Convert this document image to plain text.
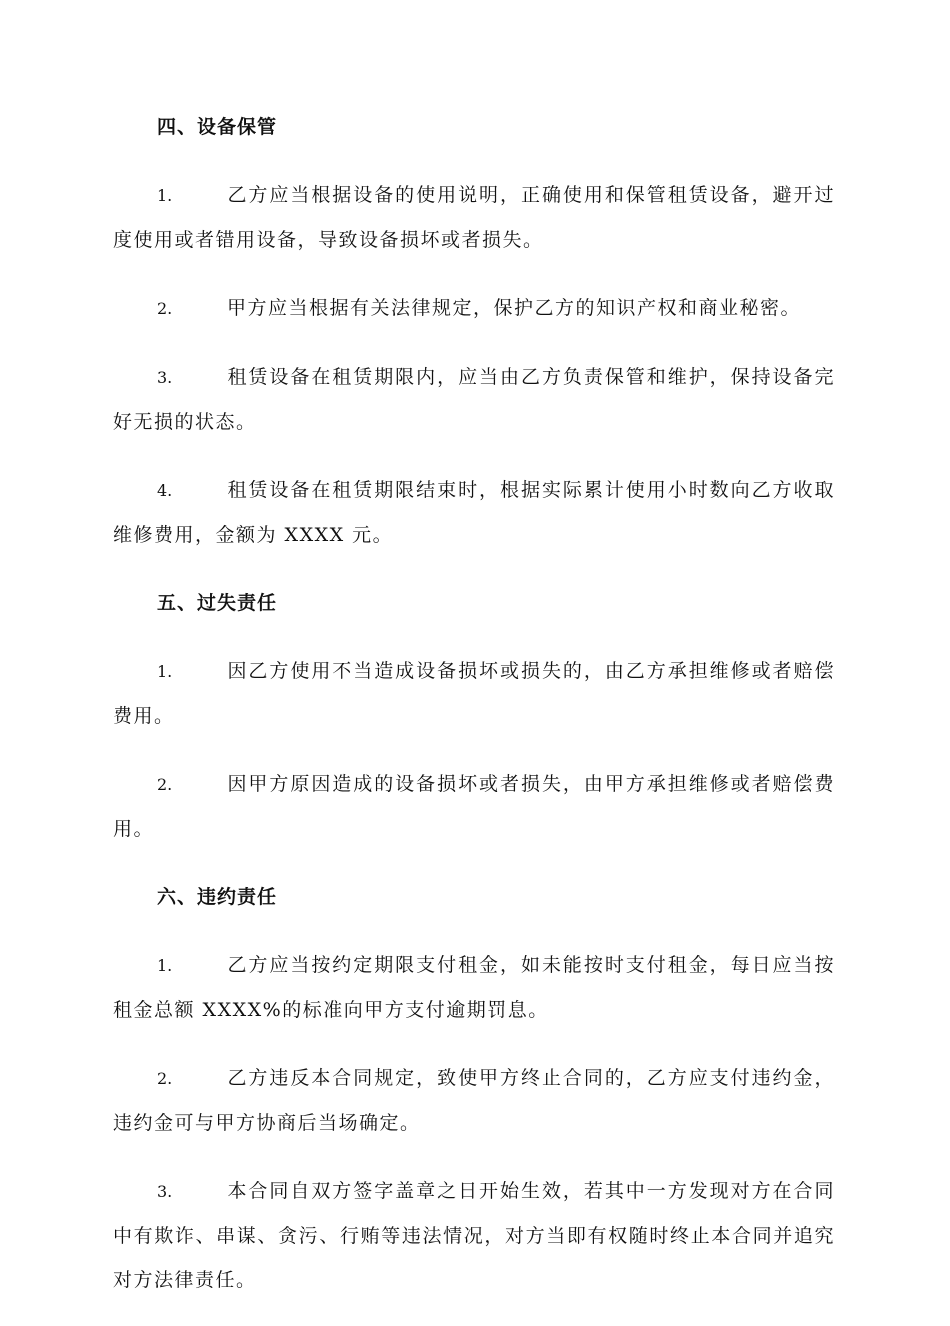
四、设备保管

1.	乙方应当根据设备的使用说明，正确使用和保管租赁设备，避开过度使用或者错用设备，导致设备损坏或者损失。

2.	甲方应当根据有关法律规定，保护乙方的知识产权和商业秘密。

3.	租赁设备在租赁期限内，应当由乙方负责保管和维护，保持设备完好无损的状态。

4.	租赁设备在租赁期限结束时，根据实际累计使用小时数向乙方收取维修费用，金额为 XXXX 元。

五、过失责任

1.	因乙方使用不当造成设备损坏或损失的，由乙方承担维修或者赔偿费用。

2.	因甲方原因造成的设备损坏或者损失，由甲方承担维修或者赔偿费用。

六、违约责任

1.	乙方应当按约定期限支付租金，如未能按时支付租金，每日应当按租金总额 XXXX%的标准向甲方支付逾期罚息。

2.	乙方违反本合同规定，致使甲方终止合同的，乙方应支付违约金，违约金可与甲方协商后当场确定。

3.	本合同自双方签字盖章之日开始生效，若其中一方发现对方在合同中有欺诈、串谋、贪污、行贿等违法情况，对方当即有权随时终止本合同并追究对方法律责任。
